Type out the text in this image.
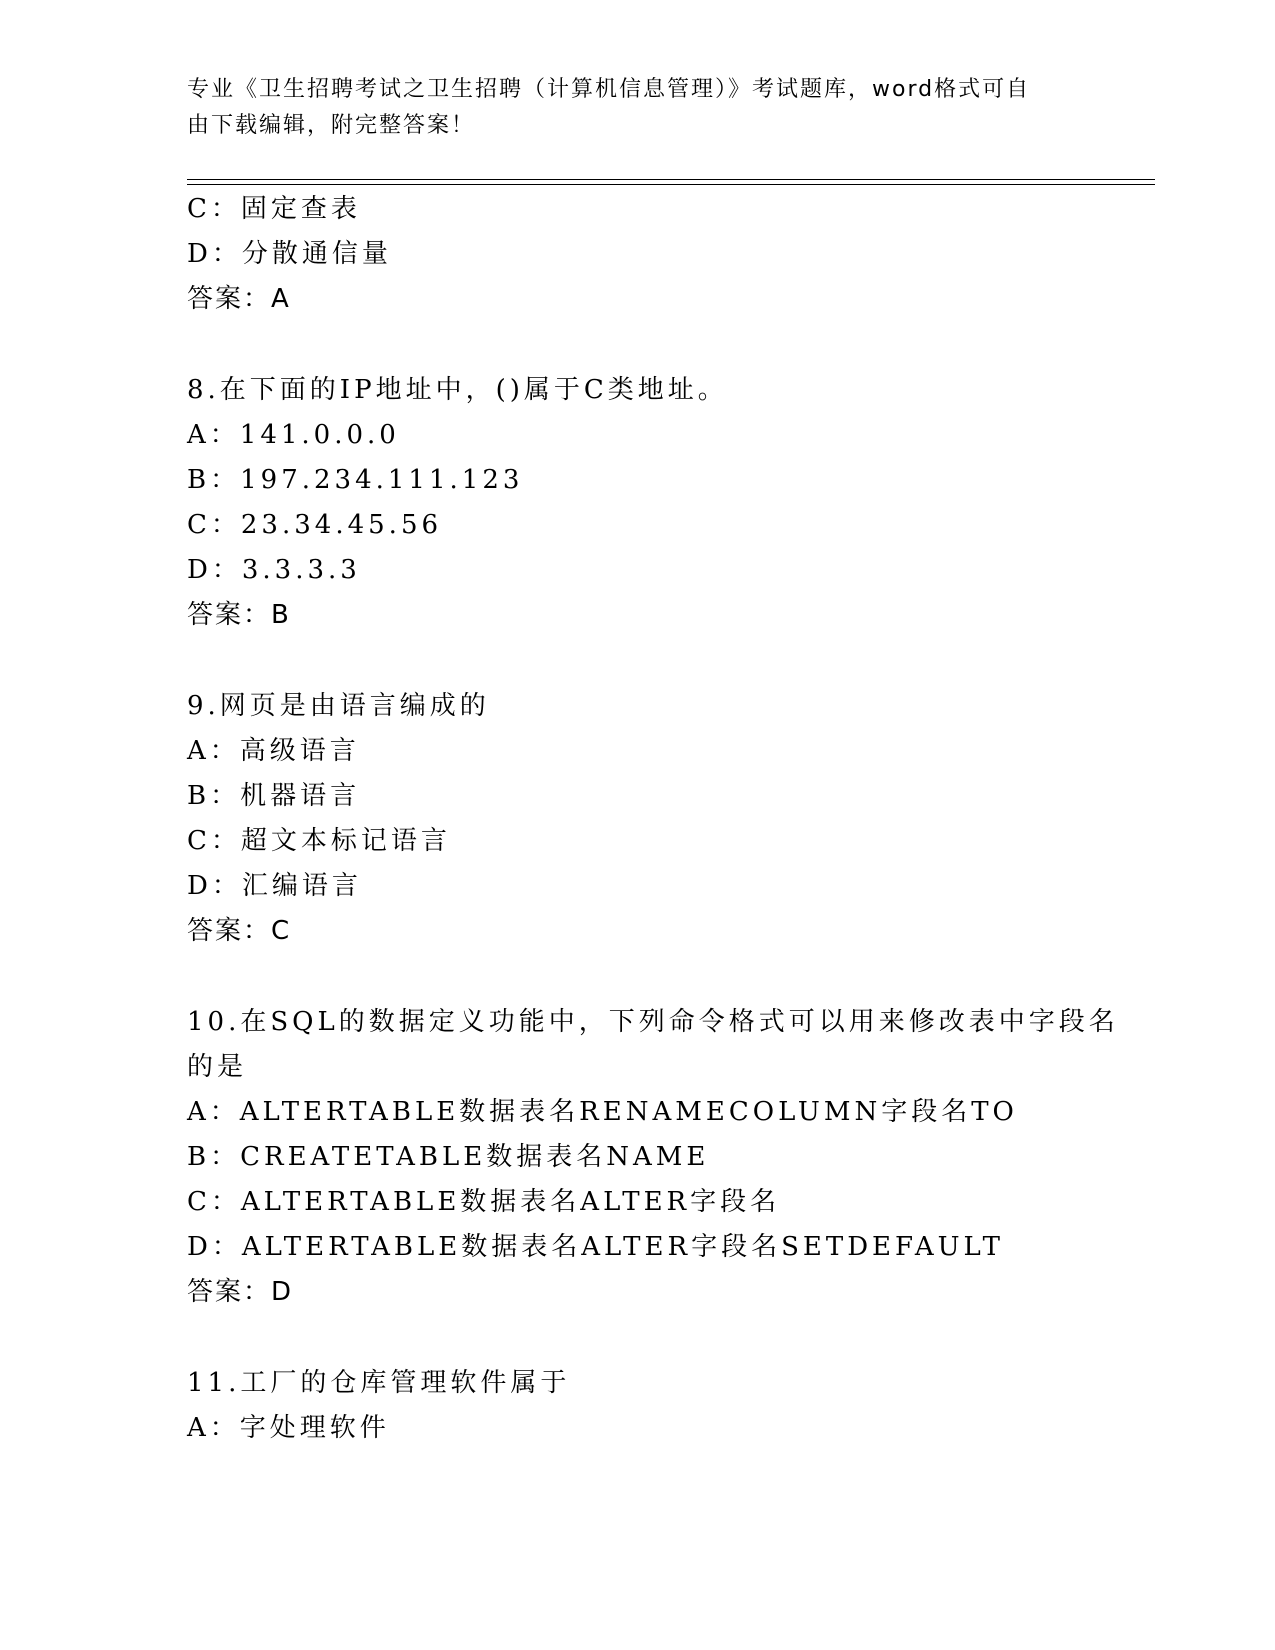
专业《卫生招聘考试之卫生招聘（计算机信息管理）》考试题库，word格式可自
由下载编辑，附完整答案！
C：固定查表
D：分散通信量
答案：A
8.在下面的IP地址中，()属于C类地址。
A：141.0.0.0
B：197.234.111.123
C：23.34.45.56
D：3.3.3.3
答案：B
9.网页是由语言编成的
A：高级语言
B：机器语言
C：超文本标记语言
D：汇编语言
答案：C
10.在SQL的数据定义功能中，下列命令格式可以用来修改表中字段名
的是
A：ALTERTABLE数据表名RENAMECOLUMN字段名TO
B：CREATETABLE数据表名NAME
C：ALTERTABLE数据表名ALTER字段名
D：ALTERTABLE数据表名ALTER字段名SETDEFAULT
答案：D
11.工厂的仓库管理软件属于
A：字处理软件
